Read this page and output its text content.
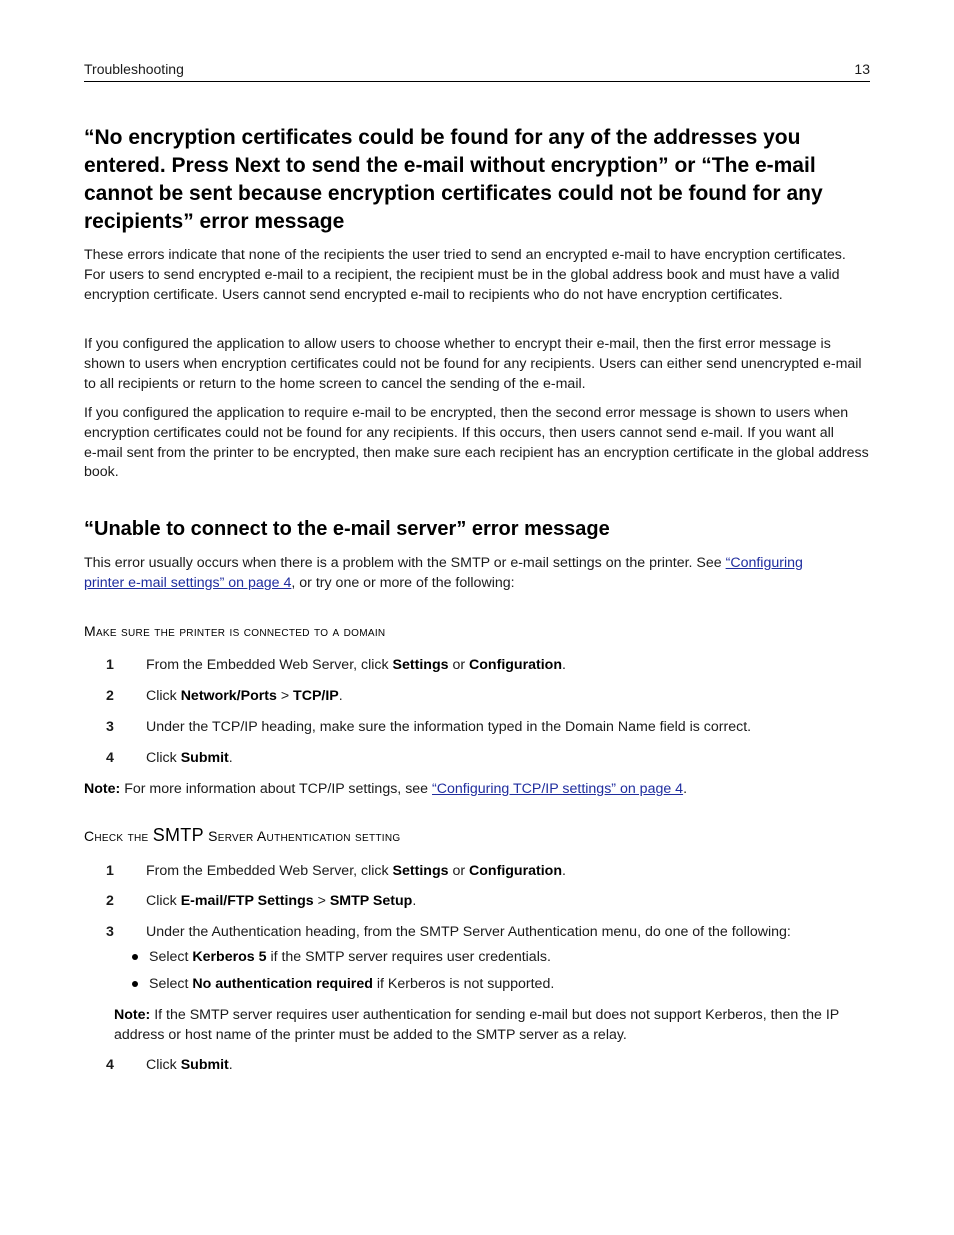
Troubleshooting	13
“No encryption certificates could be found for any of the addresses you entered. Press Next to send the e‑mail without encryption” or “The e‑mail cannot be sent because encryption certificates could not be found for any recipients” error message

These errors indicate that none of the recipients the user tried to send an encrypted e‑mail to have encryption certificates. For users to send encrypted e‑mail to a recipient, the recipient must be in the global address book and must have a valid encryption certificate. Users cannot send encrypted e‑mail to recipients who do not have encryption certificates.

If you configured the application to allow users to choose whether to encrypt their e‑mail, then the first error message is shown to users when encryption certificates could not be found for any recipients. Users can either send unencrypted e‑mail to all recipients or return to the home screen to cancel the sending of the e‑mail.

If you configured the application to require e‑mail to be encrypted, then the second error message is shown to users when encryption certificates could not be found for any recipients. If this occurs, then users cannot send e‑mail. If you want all e‑mail sent from the printer to be encrypted, then make sure each recipient has an encryption certificate in the global address book.

“Unable to connect to the e‑mail server” error message

This error usually occurs when there is a problem with the SMTP or e‑mail settings on the printer. See “Configuring
printer e‑mail settings” on page 4, or try one or more of the following:

Make sure the printer is connected to a domain
1	From the Embedded Web Server, click Settings or Configuration.
2	Click Network/Ports > TCP/IP.
3	Under the TCP/IP heading, make sure the information typed in the Domain Name field is correct.
4	Click Submit.

Note: For more information about TCP/IP settings, see “Configuring TCP/IP settings” on page 4.

Check the SMTP Server Authentication setting
1	From the Embedded Web Server, click Settings or Configuration.
2	Click E‑mail/FTP Settings > SMTP Setup.
3	Under the Authentication heading, from the SMTP Server Authentication menu, do one of the following:
Select Kerberos 5 if the SMTP server requires user credentials.
Select No authentication required if Kerberos is not supported.

Note: If the SMTP server requires user authentication for sending e‑mail but does not support Kerberos, then the IP address or host name of the printer must be added to the SMTP server as a relay.

4	Click Submit.
